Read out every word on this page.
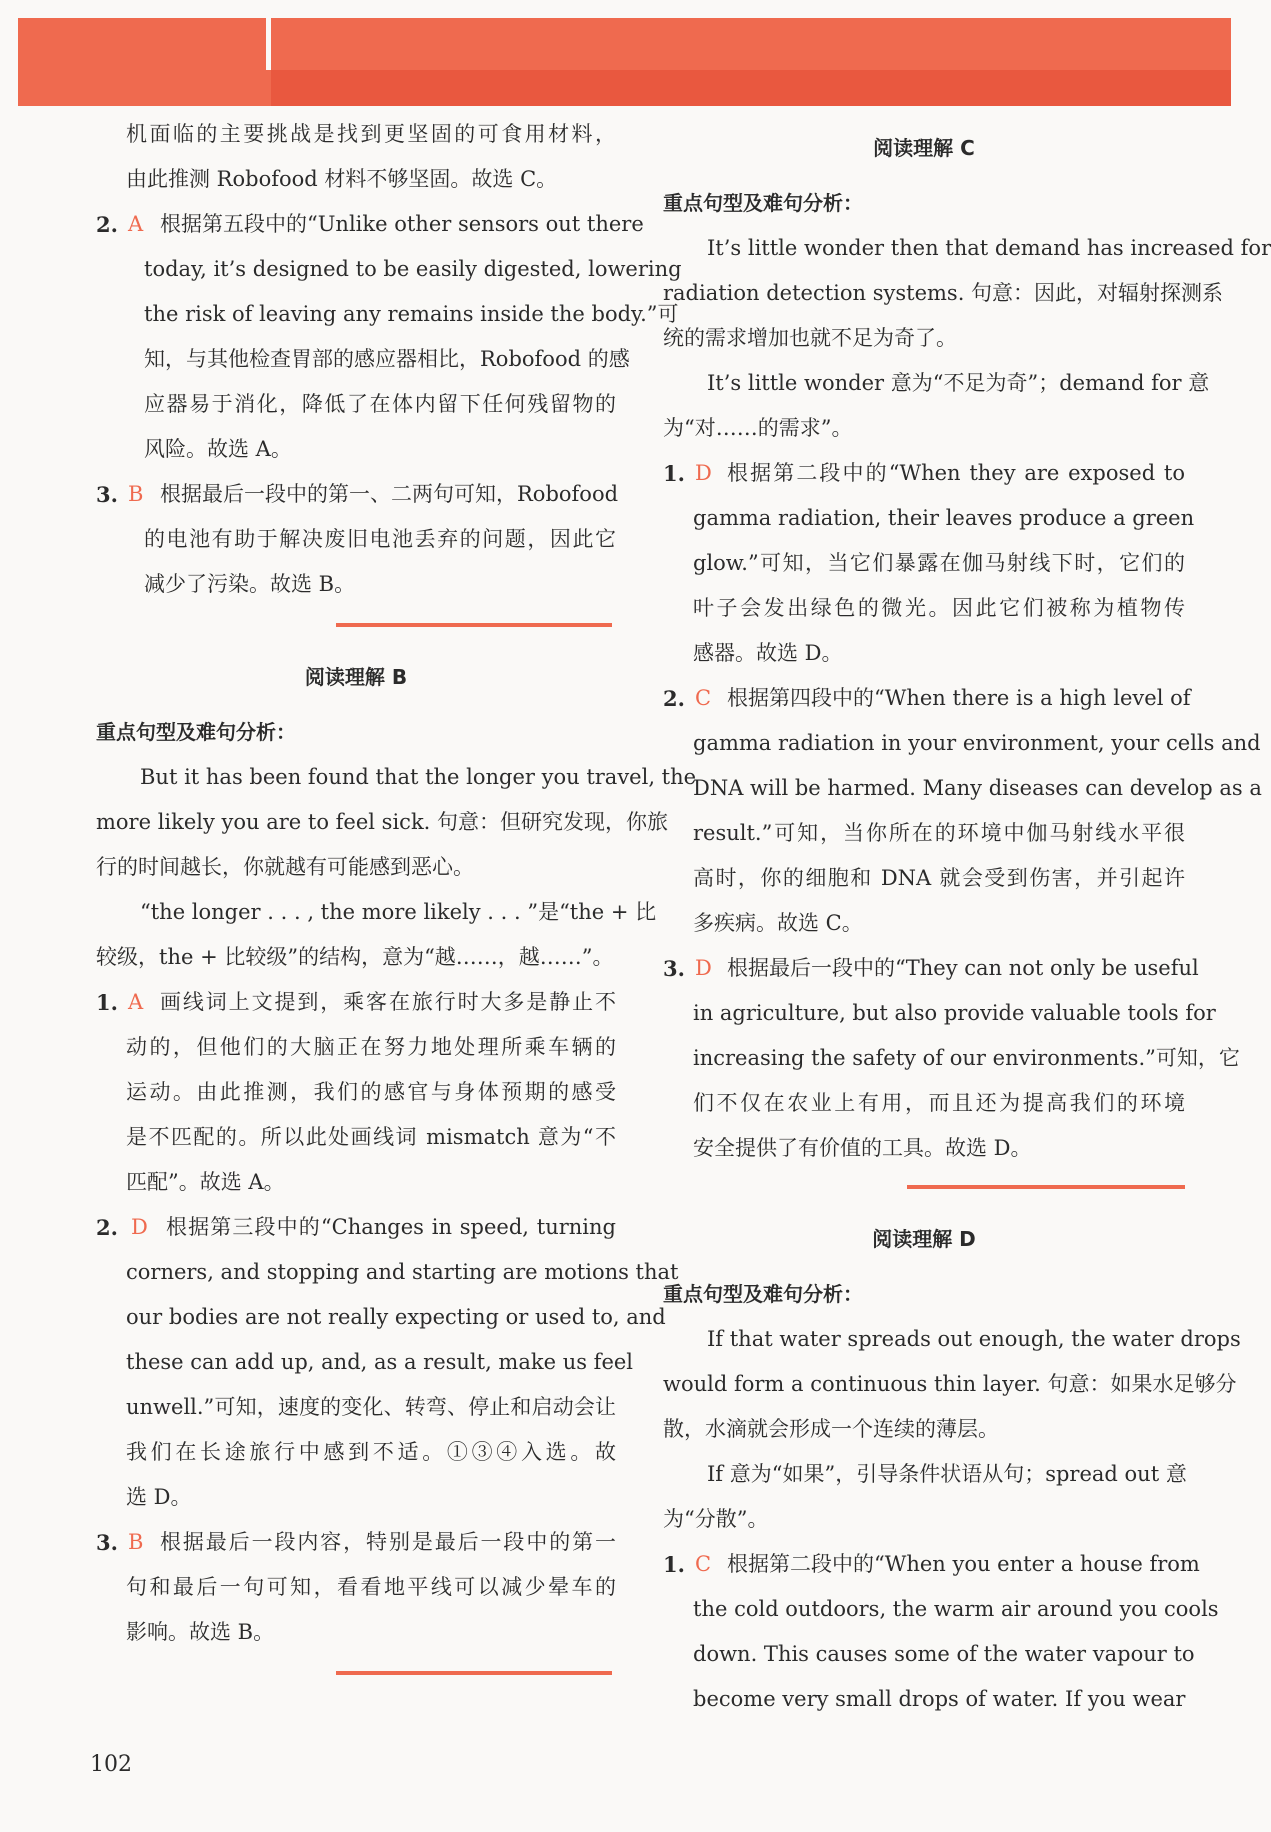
机面临的主要挑战是找到更坚固的可食用材料，
由此推测 Robofood 材料不够坚固。故选 C。
2. A 根据第五段中的“Unlike other sensors out there
today, it’s designed to be easily digested, lowering
the risk of leaving any remains inside the body.”可
知，与其他检查胃部的感应器相比，Robofood 的感
应器易于消化，降低了在体内留下任何残留物的
风险。故选 A。
3. B 根据最后一段中的第一、二两句可知，Robofood
的电池有助于解决废旧电池丢弃的问题，因此它
减少了污染。故选 B。
阅读理解 B
重点句型及难句分析：
But it has been found that the longer you travel, the
more likely you are to feel sick. 句意：但研究发现，你旅
行的时间越长，你就越有可能感到恶心。
“the longer . . . , the more likely . . . ”是“the + 比
较级，the + 比较级”的结构，意为“越……，越……”。
1. A 画线词上文提到，乘客在旅行时大多是静止不
动的，但他们的大脑正在努力地处理所乘车辆的
运动。由此推测，我们的感官与身体预期的感受
是不匹配的。所以此处画线词 mismatch 意为“不
匹配”。故选 A。
2. D 根据第三段中的“Changes in speed, turning
corners, and stopping and starting are motions that
our bodies are not really expecting or used to, and
these can add up, and, as a result, make us feel
unwell.”可知，速度的变化、转弯、停止和启动会让
我们在长途旅行中感到不适。①③④入选。故
选 D。
3. B 根据最后一段内容，特别是最后一段中的第一
句和最后一句可知，看看地平线可以减少晕车的
影响。故选 B。
阅读理解 C
重点句型及难句分析：
It’s little wonder then that demand has increased for
radiation detection systems. 句意：因此，对辐射探测系
统的需求增加也就不足为奇了。
It’s little wonder 意为“不足为奇”；demand for 意
为“对……的需求”。
1. D 根据第二段中的“When they are exposed to
gamma radiation, their leaves produce a green
glow.”可知，当它们暴露在伽马射线下时，它们的
叶子会发出绿色的微光。因此它们被称为植物传
感器。故选 D。
2. C 根据第四段中的“When there is a high level of
gamma radiation in your environment, your cells and
DNA will be harmed. Many diseases can develop as a
result.”可知，当你所在的环境中伽马射线水平很
高时，你的细胞和 DNA 就会受到伤害，并引起许
多疾病。故选 C。
3. D 根据最后一段中的“They can not only be useful
in agriculture, but also provide valuable tools for
increasing the safety of our environments.”可知，它
们不仅在农业上有用，而且还为提高我们的环境
安全提供了有价值的工具。故选 D。
阅读理解 D
重点句型及难句分析：
If that water spreads out enough, the water drops
would form a continuous thin layer. 句意：如果水足够分
散，水滴就会形成一个连续的薄层。
If 意为“如果”，引导条件状语从句；spread out 意
为“分散”。
1. C 根据第二段中的“When you enter a house from
the cold outdoors, the warm air around you cools
down. This causes some of the water vapour to
become very small drops of water. If you wear
102
